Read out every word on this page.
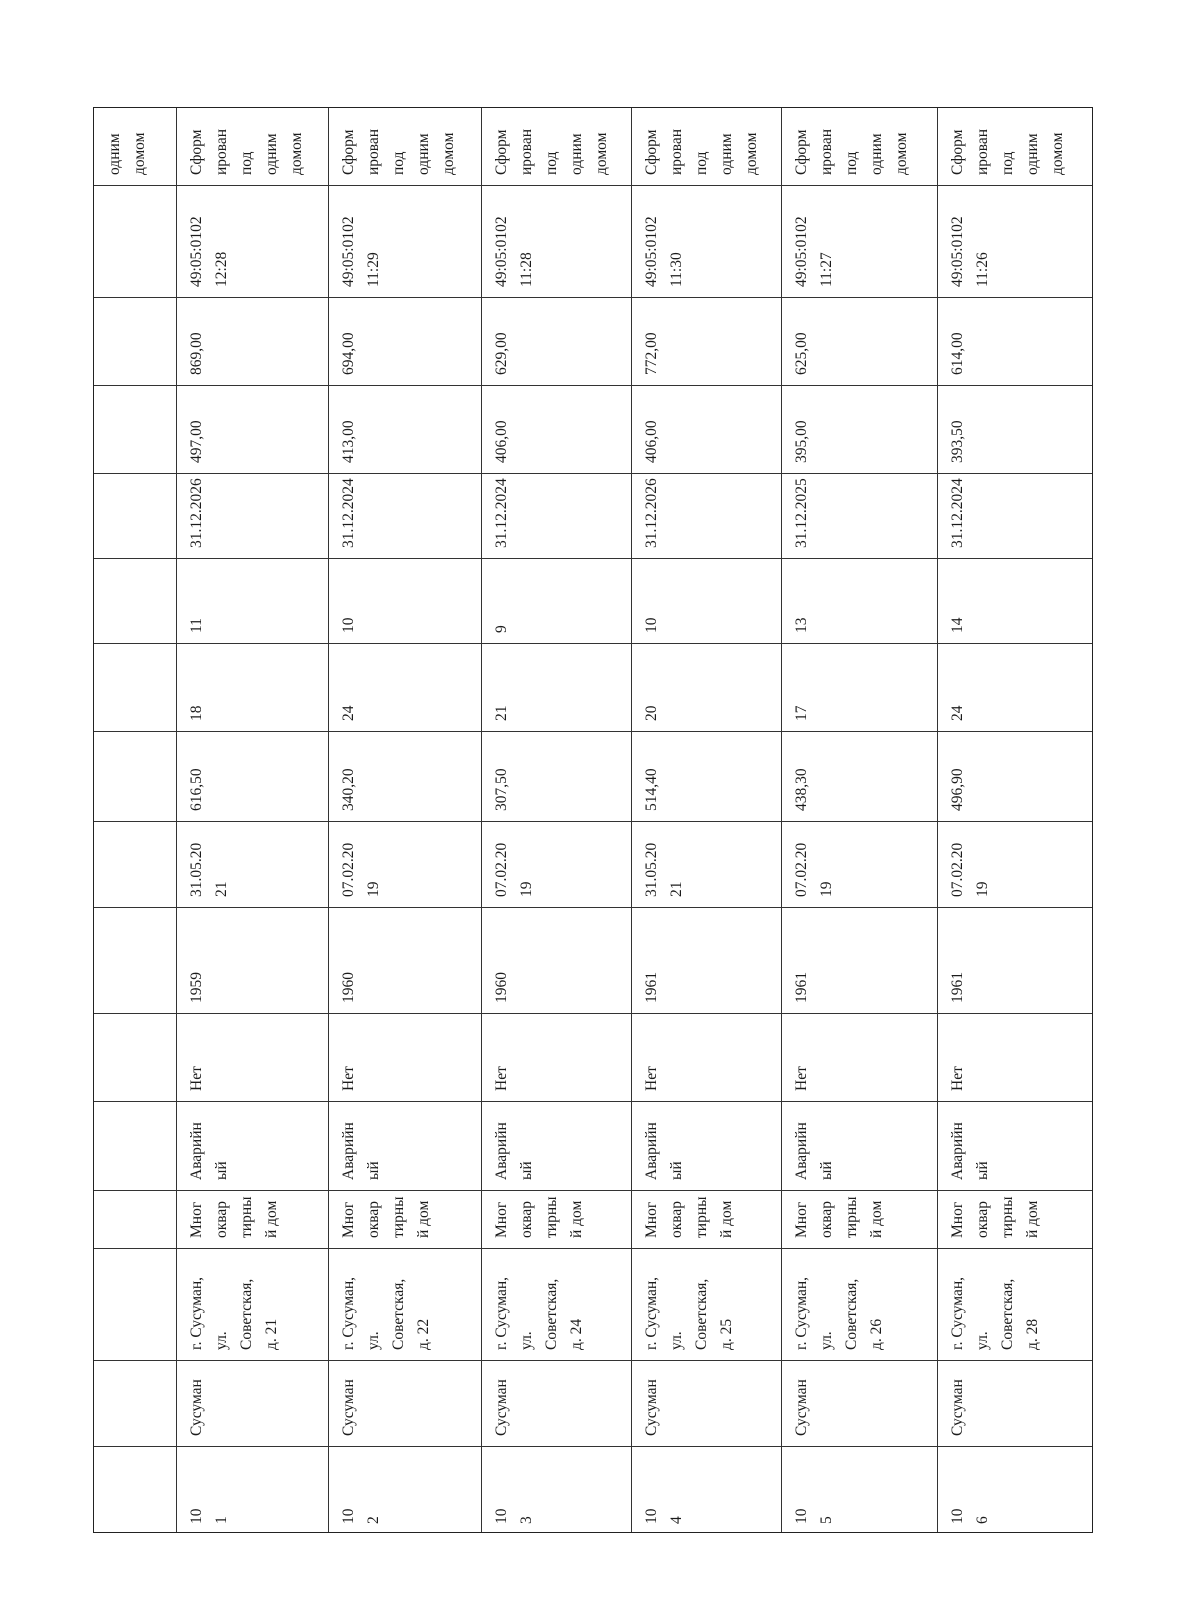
одним
домом	Сформ
ирован
под
одним
домом
49:05:0102
12:28
869,00
497,00
31.12.2026
11
18
616,50
31.05.20
21
1959
Нет
Аварийн
ый
Мног
оквар
тирны
й дом
г. Сусуман,
ул.
Советская,
д. 21
Сусуман
10
1
Сформ
ирован
под
одним
домом
49:05:0102
11:29
694,00
413,00
31.12.2024
10
24
340,20
07.02.20
19
1960
Нет
Аварийн
ый
Мног
оквар
тирны
й дом
г. Сусуман,
ул.
Советская,
д. 22
Сусуман
10
2
Сформ
ирован
под
одним
домом
49:05:0102
11:28
629,00
406,00
31.12.2024
9
21
307,50
07.02.20
19
1960
Нет
Аварийн
ый
Мног
оквар
тирны
й дом
г. Сусуман,
ул.
Советская,
д. 24
Сусуман
10
3
Сформ
ирован
под
одним
домом
49:05:0102
11:30
772,00
406,00
31.12.2026
10
20
514,40
31.05.20
21
1961
Нет
Аварийн
ый
Мног
оквар
тирны
й дом
г. Сусуман,
ул.
Советская,
д. 25
Сусуман
10
4
Сформ
ирован
под
одним
домом
49:05:0102
11:27
625,00
395,00
31.12.2025
13
17
438,30
07.02.20
19
1961
Нет
Аварийн
ый
Мног
оквар
тирны
й дом
г. Сусуман,
ул.
Советская,
д. 26
Сусуман
10
5
Сформ
ирован
под
одним
домом
49:05:0102
11:26
614,00
393,50
31.12.2024
14
24
496,90
07.02.20
19
1961
Нет
Аварийн
ый
Мног
оквар
тирны
й дом
г. Сусуман,
ул.
Советская,
д. 28
Сусуман
10
6
